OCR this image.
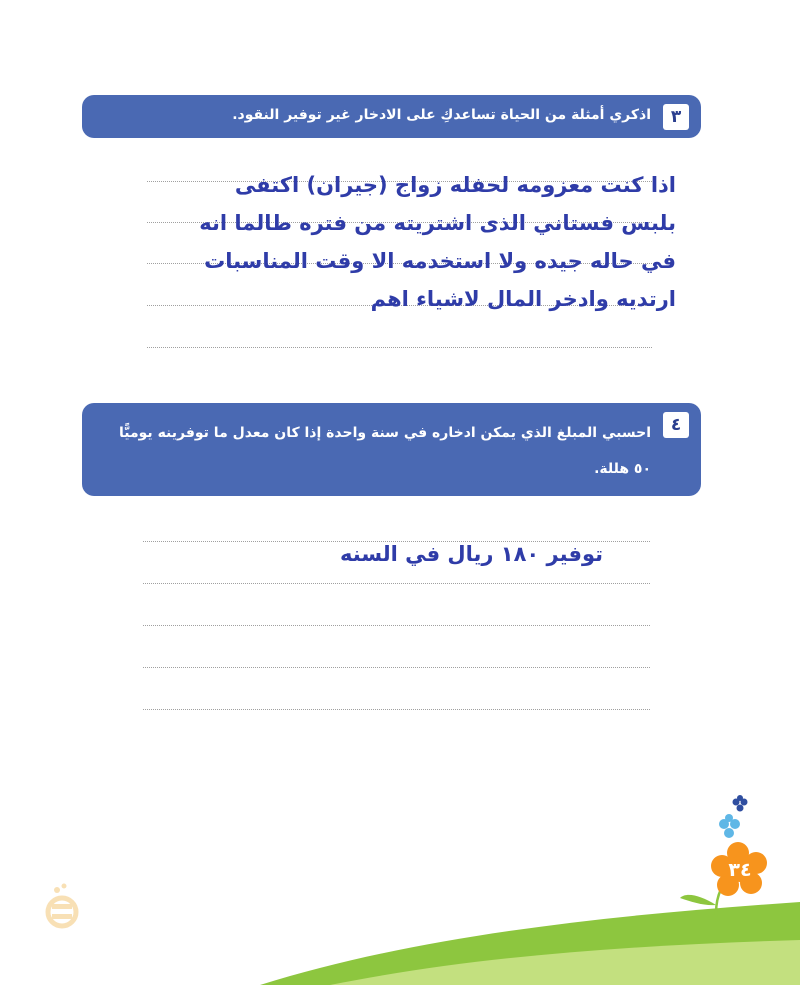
٣
اذكري أمثلة من الحياة تساعدكِ على الادخار غير توفير النقود.
اذا كنت معزومه لحفله زواج (جيران) اكتفى بلبس فستاني الذى اشتريته من فتره طالما انه في حاله جيده ولا استخدمه الا وقت المناسبات ارتديه وادخر المال لاشياء اهم
٤
احسبي المبلغ الذي يمكن ادخاره في سنة واحدة إذا كان معدل ما توفرينه يوميًّا ٥٠ هللة.
توفير ١٨٠ ريال في السنه
٣٤
